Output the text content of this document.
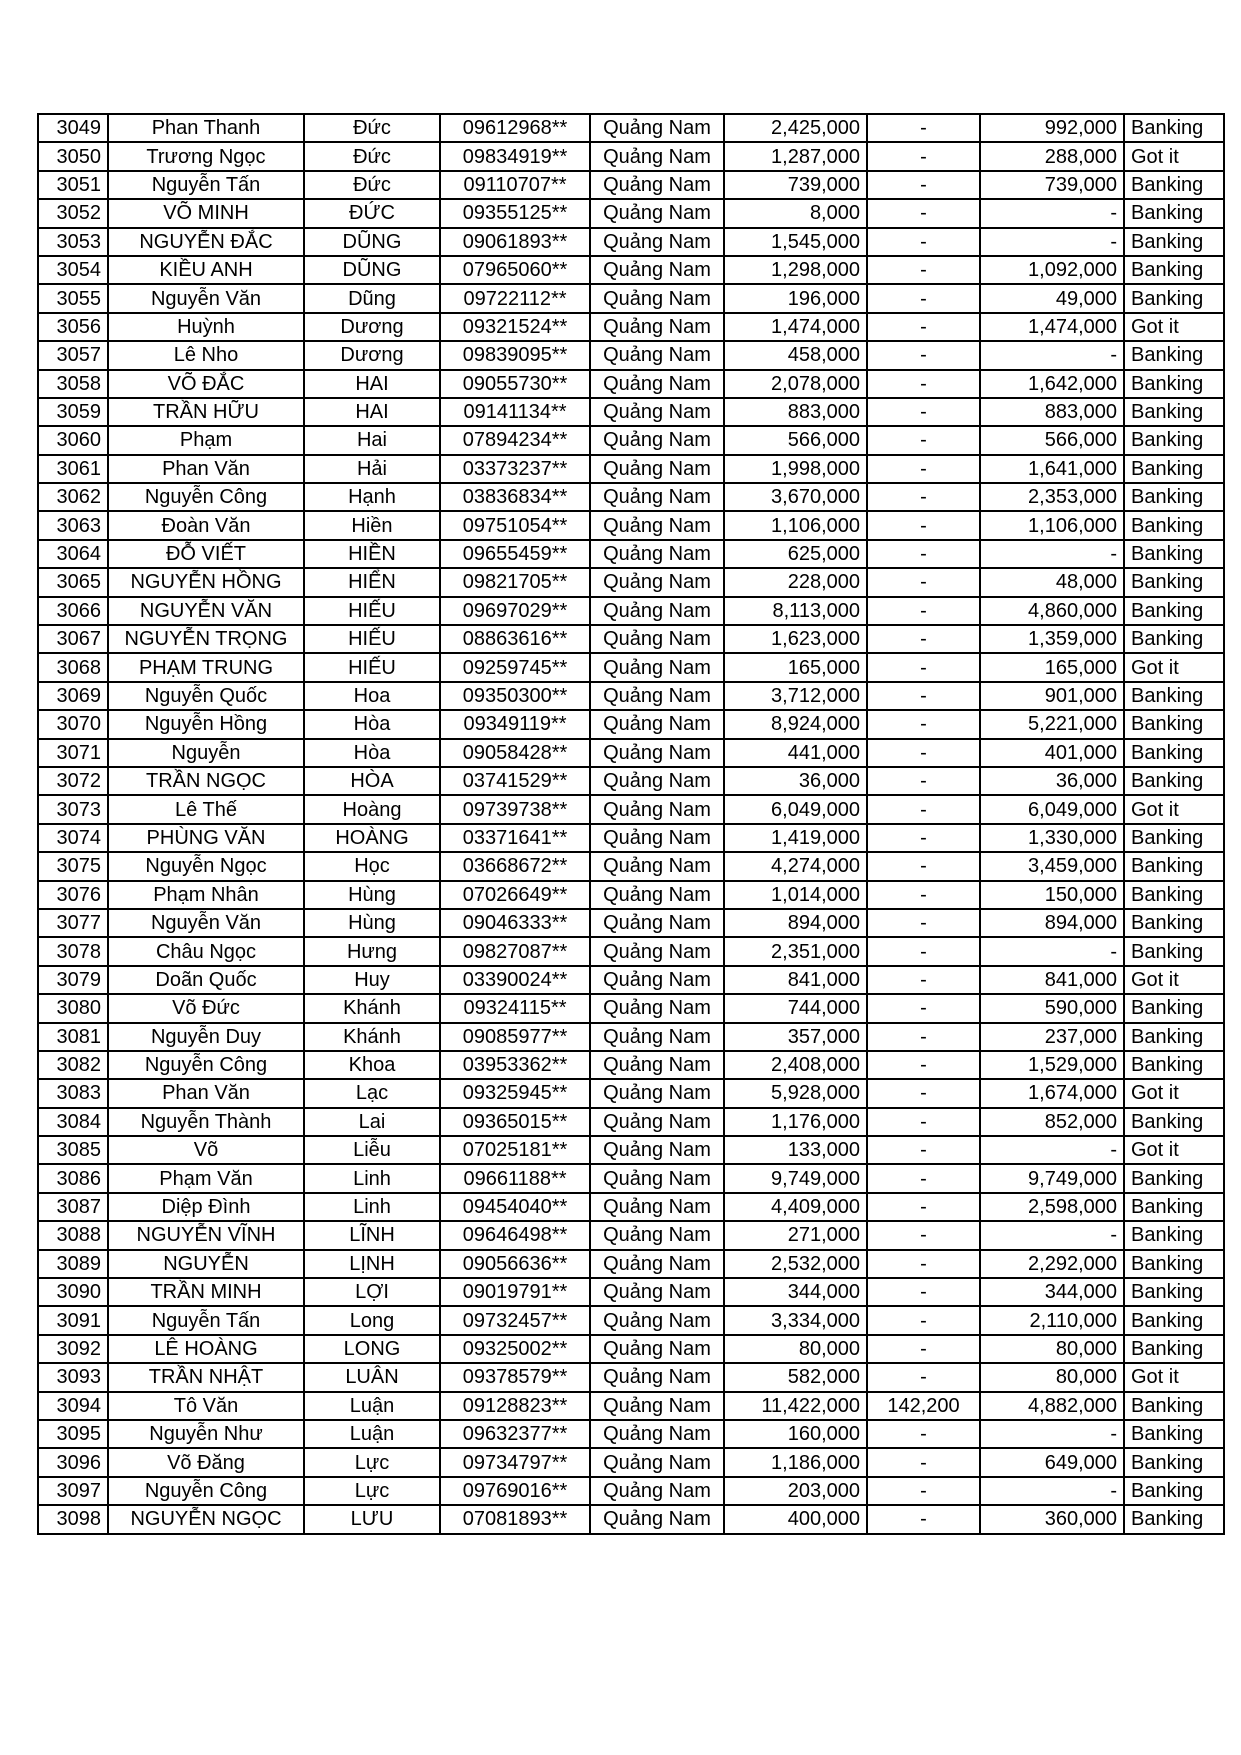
3049	Phan Thanh	Đức	09612968**	Quảng Nam	2,425,000	-	992,000	Banking
3050	Trương Ngọc	Đức	09834919**	Quảng Nam	1,287,000	-	288,000	Got it
3051	Nguyễn Tấn	Đức	09110707**	Quảng Nam	739,000	-	739,000	Banking
3052	VÕ MINH	ĐỨC	09355125**	Quảng Nam	8,000	-	-	Banking
3053	NGUYỄN ĐẮC	DŨNG	09061893**	Quảng Nam	1,545,000	-	-	Banking
3054	KIỀU ANH	DŨNG	07965060**	Quảng Nam	1,298,000	-	1,092,000	Banking
3055	Nguyễn Văn	Dũng	09722112**	Quảng Nam	196,000	-	49,000	Banking
3056	Huỳnh	Dương	09321524**	Quảng Nam	1,474,000	-	1,474,000	Got it
3057	Lê Nho	Dương	09839095**	Quảng Nam	458,000	-	-	Banking
3058	VÕ ĐẮC	HAI	09055730**	Quảng Nam	2,078,000	-	1,642,000	Banking
3059	TRẦN HỮU	HAI	09141134**	Quảng Nam	883,000	-	883,000	Banking
3060	Phạm	Hai	07894234**	Quảng Nam	566,000	-	566,000	Banking
3061	Phan Văn	Hải	03373237**	Quảng Nam	1,998,000	-	1,641,000	Banking
3062	Nguyễn Công	Hạnh	03836834**	Quảng Nam	3,670,000	-	2,353,000	Banking
3063	Đoàn Văn	Hiền	09751054**	Quảng Nam	1,106,000	-	1,106,000	Banking
3064	ĐỖ VIẾT	HIỀN	09655459**	Quảng Nam	625,000	-	-	Banking
3065	NGUYỄN HỒNG	HIỂN	09821705**	Quảng Nam	228,000	-	48,000	Banking
3066	NGUYỄN VĂN	HIẾU	09697029**	Quảng Nam	8,113,000	-	4,860,000	Banking
3067	NGUYỄN TRỌNG	HIẾU	08863616**	Quảng Nam	1,623,000	-	1,359,000	Banking
3068	PHẠM TRUNG	HIẾU	09259745**	Quảng Nam	165,000	-	165,000	Got it
3069	Nguyễn Quốc	Hoa	09350300**	Quảng Nam	3,712,000	-	901,000	Banking
3070	Nguyễn Hồng	Hòa	09349119**	Quảng Nam	8,924,000	-	5,221,000	Banking
3071	Nguyễn	Hòa	09058428**	Quảng Nam	441,000	-	401,000	Banking
3072	TRẦN NGỌC	HÒA	03741529**	Quảng Nam	36,000	-	36,000	Banking
3073	Lê Thế	Hoàng	09739738**	Quảng Nam	6,049,000	-	6,049,000	Got it
3074	PHÙNG VĂN	HOÀNG	03371641**	Quảng Nam	1,419,000	-	1,330,000	Banking
3075	Nguyễn Ngọc	Học	03668672**	Quảng Nam	4,274,000	-	3,459,000	Banking
3076	Phạm Nhân	Hùng	07026649**	Quảng Nam	1,014,000	-	150,000	Banking
3077	Nguyễn Văn	Hùng	09046333**	Quảng Nam	894,000	-	894,000	Banking
3078	Châu Ngọc	Hưng	09827087**	Quảng Nam	2,351,000	-	-	Banking
3079	Doãn Quốc	Huy	03390024**	Quảng Nam	841,000	-	841,000	Got it
3080	Võ Đức	Khánh	09324115**	Quảng Nam	744,000	-	590,000	Banking
3081	Nguyễn Duy	Khánh	09085977**	Quảng Nam	357,000	-	237,000	Banking
3082	Nguyễn Công	Khoa	03953362**	Quảng Nam	2,408,000	-	1,529,000	Banking
3083	Phan Văn	Lạc	09325945**	Quảng Nam	5,928,000	-	1,674,000	Got it
3084	Nguyễn Thành	Lai	09365015**	Quảng Nam	1,176,000	-	852,000	Banking
3085	Võ	Liễu	07025181**	Quảng Nam	133,000	-	-	Got it
3086	Phạm Văn	Linh	09661188**	Quảng Nam	9,749,000	-	9,749,000	Banking
3087	Diệp Đình	Linh	09454040**	Quảng Nam	4,409,000	-	2,598,000	Banking
3088	NGUYỄN VĨNH	LĨNH	09646498**	Quảng Nam	271,000	-	-	Banking
3089	NGUYỄN	LỊNH	09056636**	Quảng Nam	2,532,000	-	2,292,000	Banking
3090	TRẦN MINH	LỢI	09019791**	Quảng Nam	344,000	-	344,000	Banking
3091	Nguyễn Tấn	Long	09732457**	Quảng Nam	3,334,000	-	2,110,000	Banking
3092	LÊ HOÀNG	LONG	09325002**	Quảng Nam	80,000	-	80,000	Banking
3093	TRẦN NHẬT	LUÂN	09378579**	Quảng Nam	582,000	-	80,000	Got it
3094	Tô Văn	Luận	09128823**	Quảng Nam	11,422,000	142,200	4,882,000	Banking
3095	Nguyễn Như	Luận	09632377**	Quảng Nam	160,000	-	-	Banking
3096	Võ Đăng	Lực	09734797**	Quảng Nam	1,186,000	-	649,000	Banking
3097	Nguyễn Công	Lực	09769016**	Quảng Nam	203,000	-	-	Banking
3098	NGUYỄN NGỌC	LƯU	07081893**	Quảng Nam	400,000	-	360,000	Banking
